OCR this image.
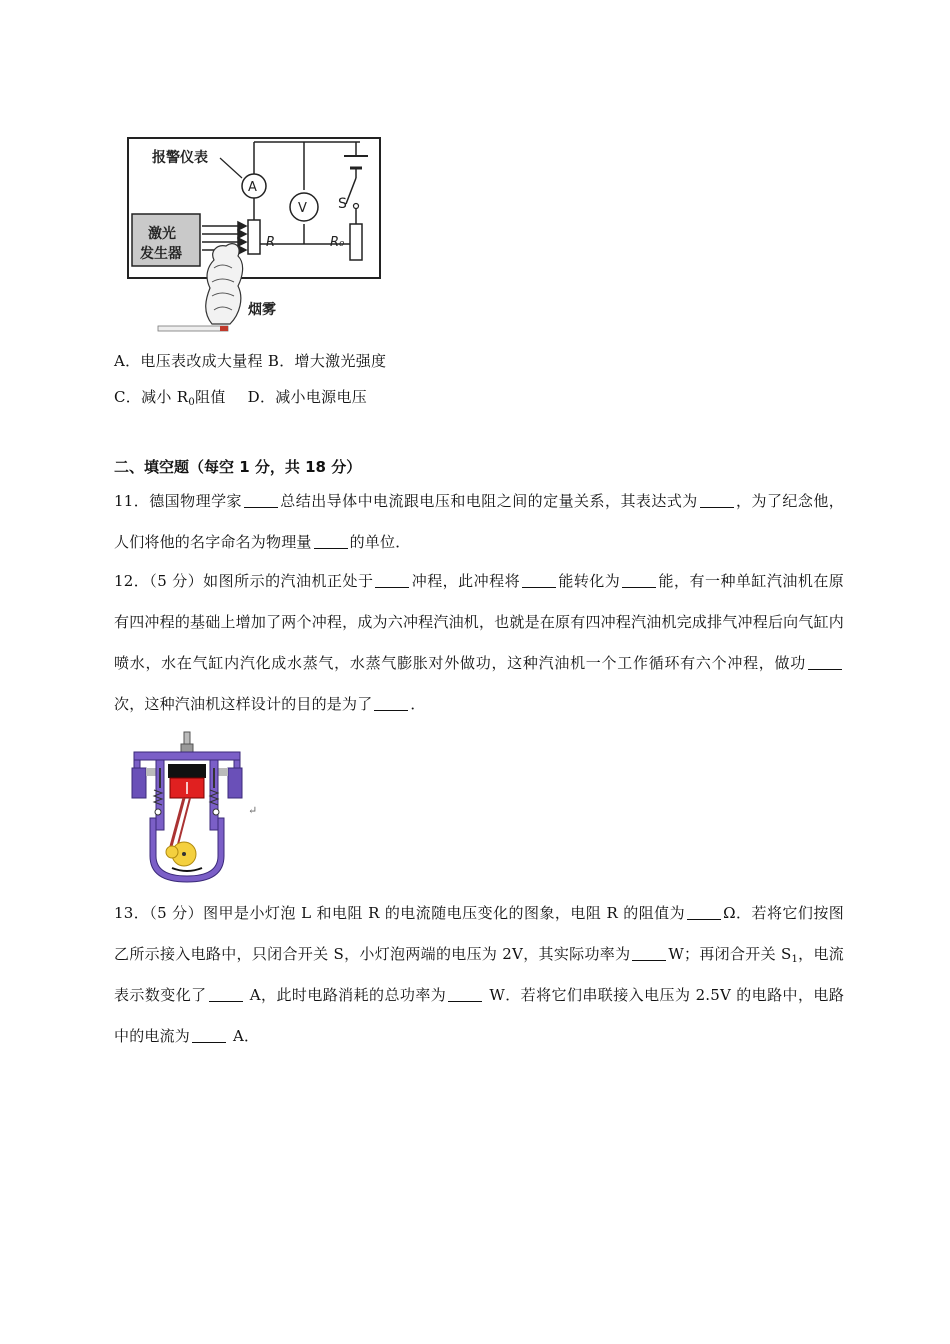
S
R₀
A
V
R
报警仪表
激光
发生器
烟雾
A．电压表改成大量程 B．增大激光强度
C．减小 $R_0$阻值 D．减小电源电压
二、填空题（每空 1 分，共 18 分）
11．德国物理学家	总结出导体中电流跟电压和电阻之间的定量关系，其表达式为	，为了纪念他，人们将他的名字命名为物理量	的单位．
12．（5 分）如图所示的汽油机正处于	冲程，此冲程将	能转化为	能，有一种单缸汽油机在原有四冲程的基础上增加了两个冲程，成为六冲程汽油机，也就是在原有四冲程汽油机完成排气冲程后向气缸内喷水，水在气缸内汽化成水蒸气，水蒸气膨胀对外做功，这种汽油机一个工作循环有六个冲程，做功次，这种汽油机这样设计的目的是为了	．
↵
13．（5 分）图甲是小灯泡 L 和电阻 R 的电流随电压变化的图象，电阻 R 的阻值为	Ω．若将它们按图乙所示接入电路中，只闭合开关 S，小灯泡两端的电压为 2V，其实际功率为	W；再闭合开关 $S_1$，电流表示数变化了	A，此时电路消耗的总功率为	W．若将它们串联接入电压为 2.5V 的电路中，电路中的电流为	A．
